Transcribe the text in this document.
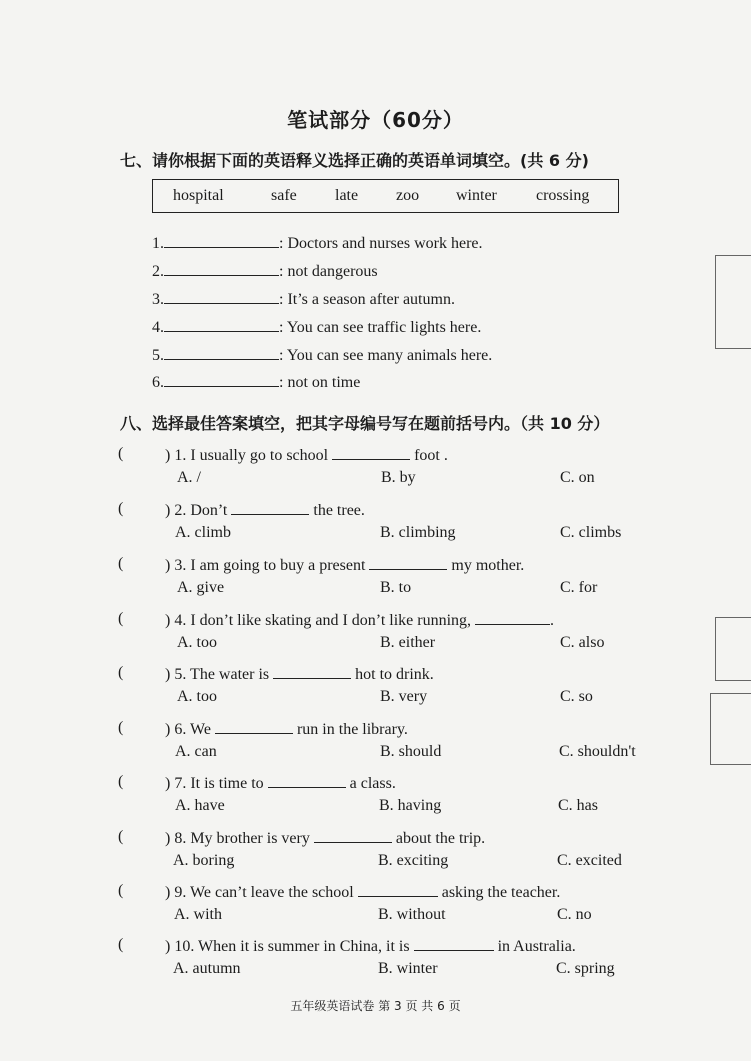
笔试部分（60分）
七、请你根据下面的英语释义选择正确的英语单词填空。(共 6 分)
hospital	safe late zoo winter crossing
1.	: Doctors and nurses work here.
2.	: not dangerous
3.	: It’s a season after autumn.
4.	: You can see traffic lights here.
5.	: You can see many animals here.
6.	: not on time
八、选择最佳答案填空，把其字母编号写在题前括号内。（共 10 分）
(	) 1. I usually go to school	foot .
A. /	B. by	C. on
(	) 2. Don’t	the tree.
A. climb	B. climbing	C. climbs
(	) 3. I am going to buy a present	my mother.
A. give	B. to	C. for
(	) 4. I don’t like skating and I don’t like running,	.
A. too	B. either	C. also
(	) 5. The water is	hot to drink.
A. too	B. very	C. so
(	) 6. We	run in the library.
A. can	B. should	C. shouldn't
(	) 7. It is time to	a class.
A. have	B. having	C. has
(	) 8. My brother is very	about the trip.
A. boring	B. exciting	C. excited
(	) 9. We can’t leave the school	asking the teacher.
A. with	B. without	C. no
(	) 10. When it is summer in China, it is	in Australia.
A. autumn	B. winter	C. spring
五年级英语试卷 第 3 页 共 6 页
